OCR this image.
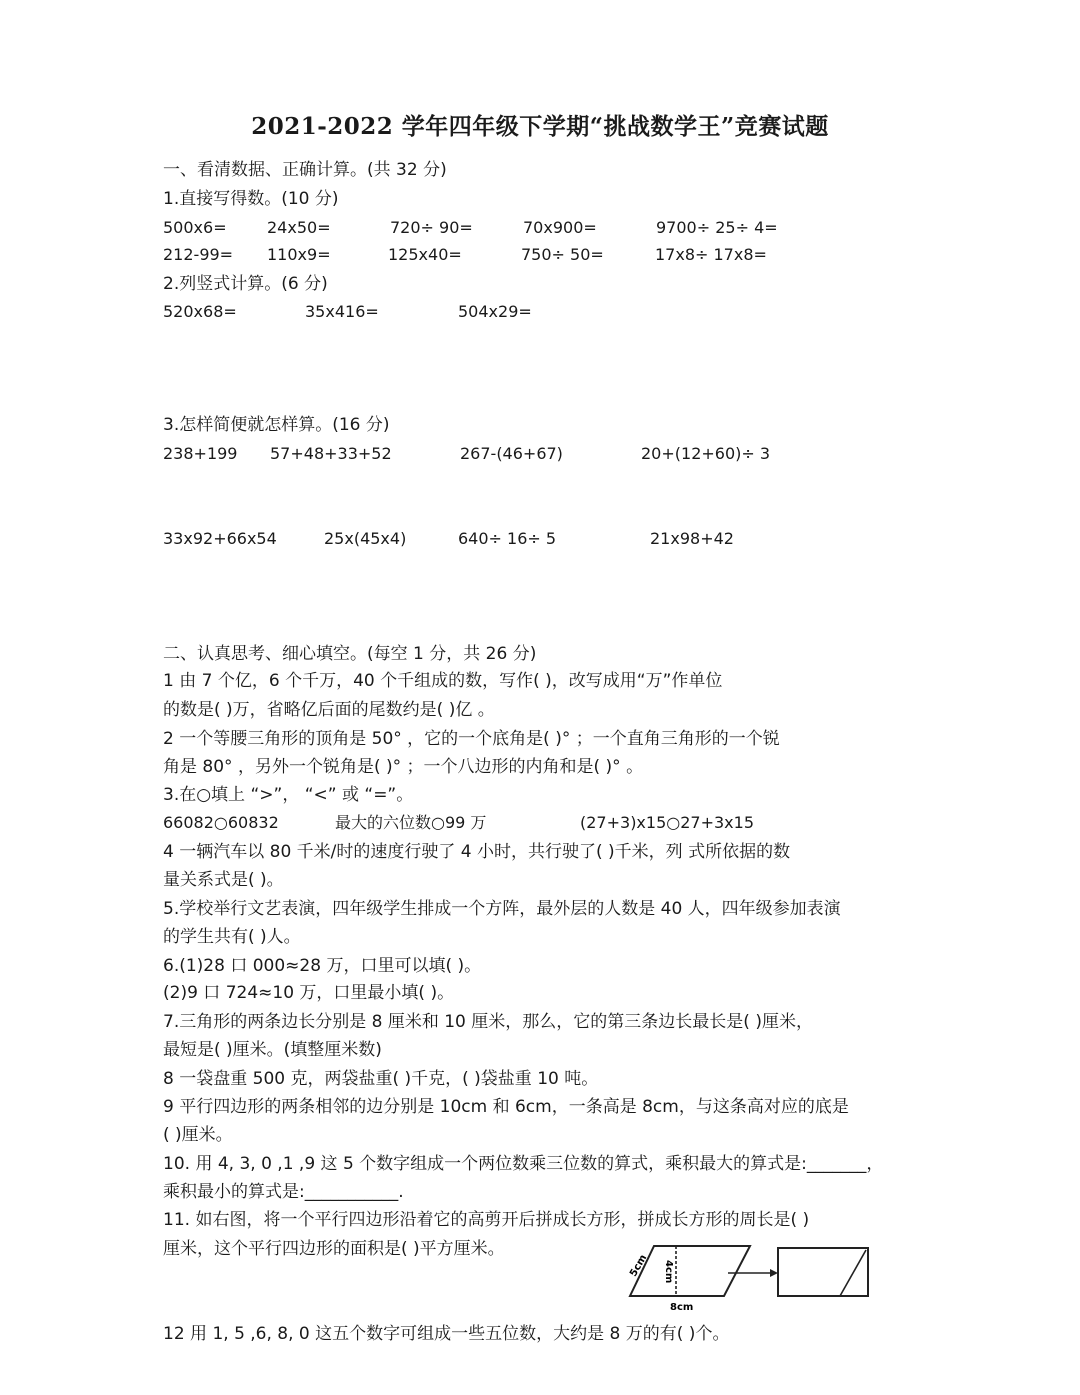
2021-2022 学年四年级下学期“挑战数学王”竞赛试题
一、看清数据、正确计算。(共 32 分)
1.直接写得数。(10 分)
500x6=	24x50=	720÷ 90=	70x900=	9700÷ 25÷ 4=
212-99= 110x9=	125x40=	750÷ 50=	17x8÷ 17x8=
2.列竖式计算。(6 分)
520x68=	35x416=	504x29=
3.怎样简便就怎样算。(16 分)
238+199 57+48+33+52	267-(46+67)	20+(12+60)÷ 3
33x92+66x54	25x(45x4)	640÷ 16÷ 5	21x98+42
二、认真思考、细心填空。(每空 1 分，共 26 分)
1 由 7 个亿，6 个千万，40 个千组成的数，写作( )，改写成用“万”作单位
的数是( )万，省略亿后面的尾数约是( )亿 。
2 一个等腰三角形的顶角是 50° ，它的一个底角是( )° ；一个直角三角形的一个锐
角是 80° ，另外一个锐角是( )° ；一个八边形的内角和是( )° 。
3.在○填上 “>”， “<” 或 “=”。
66082○60832	最大的六位数○99 万	(27+3)x15○27+3x15
4 一辆汽车以 80 千米/时的速度行驶了 4 小时，共行驶了( )千米，列 式所依据的数
量关系式是( )。
5.学校举行文艺表演，四年级学生排成一个方阵，最外层的人数是 40 人，四年级参加表演
的学生共有( )人。
6.(1)28 口 000≈28 万，口里可以填( )。
(2)9 口 724≈10 万，口里最小填( )。
7.三角形的两条边长分别是 8 厘米和 10 厘米，那么，它的第三条边长最长是( )厘米，
最短是( )厘米。(填整厘米数)
8 一袋盘重 500 克，两袋盐重( )千克，( )袋盐重 10 吨。
9 平行四边形的两条相邻的边分别是 10cm 和 6cm，一条高是 8cm，与这条高对应的底是
( )厘米。
10. 用 4, 3, 0 ,1 ,9 这 5 个数字组成一个两位数乘三位数的算式，乘积最大的算式是:_______，
乘积最小的算式是:___________.
11. 如右图，将一个平行四边形沿着它的高剪开后拼成长方形，拼成长方形的周长是( )
厘米，这个平行四边形的面积是( )平方厘米。
5cm 4cm
8cm
12 用 1, 5 ,6, 8, 0 这五个数字可组成一些五位数，大约是 8 万的有( )个。
